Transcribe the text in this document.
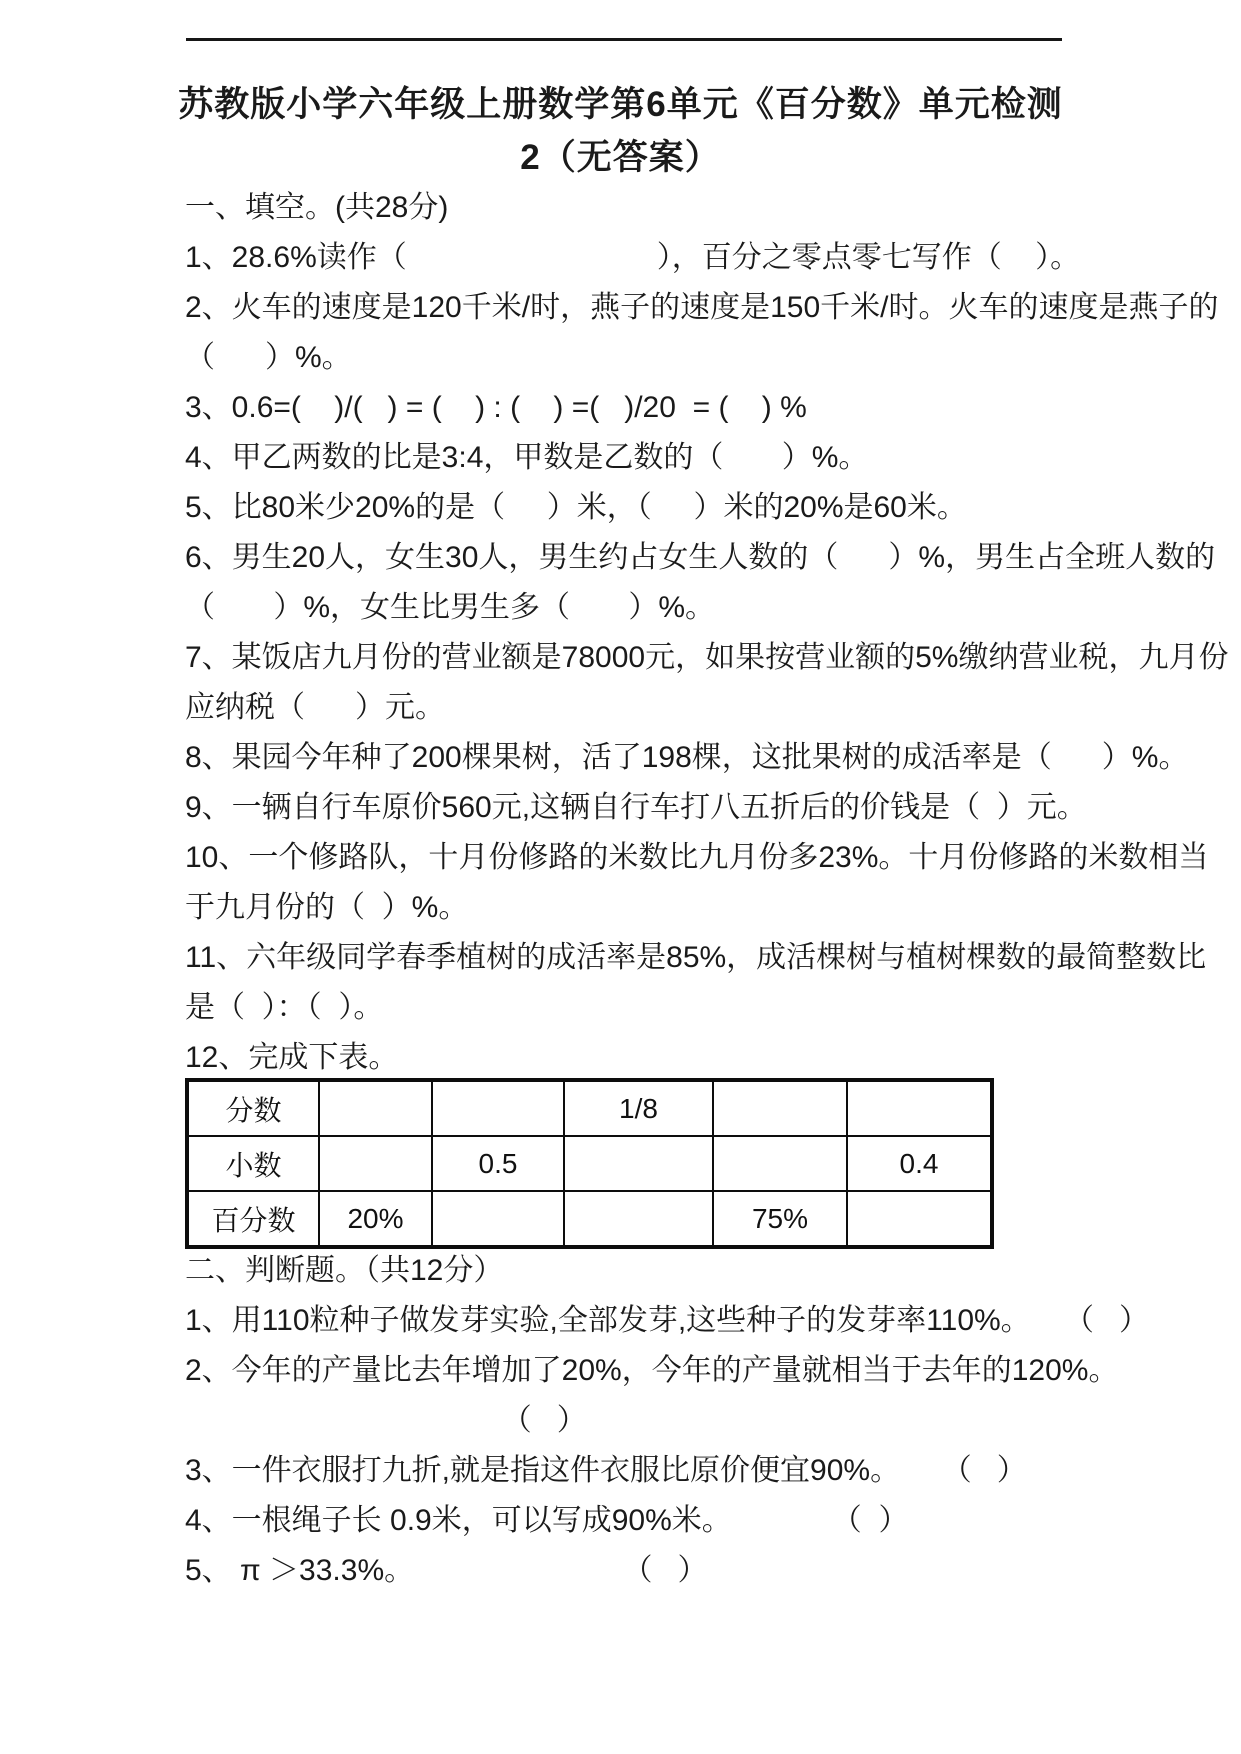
苏教版小学六年级上册数学第6单元《百分数》单元检测
2（无答案）
一、填空。(共28分)
1、28.6%读作（                              ），百分之零点零七写作（    ）。
2、火车的速度是120千米/时，燕子的速度是150千米/时。火车的速度是燕子的
（      ）%。
3、0.6=(    )/(   ) = (    ) : (    ) =(   )/20  = (    ) %
4、甲乙两数的比是3:4，甲数是乙数的（       ）%。
5、比80米少20%的是（     ）米，（     ）米的20%是60米。
6、男生20人，女生30人，男生约占女生人数的（      ）%，男生占全班人数的
（       ）%，女生比男生多（       ）%。
7、某饭店九月份的营业额是78000元，如果按营业额的5%缴纳营业税，九月份
应纳税（      ）元。
8、果园今年种了200棵果树，活了198棵，这批果树的成活率是（      ）%。
9、一辆自行车原价560元,这辆自行车打八五折后的价钱是（  ）元。
10、一个修路队，十月份修路的米数比九月份多23%。十月份修路的米数相当
于九月份的（  ）%。
11、六年级同学春季植树的成活率是85%，成活棵树与植树棵数的最简整数比
是（  ）：（  ）。
12、完成下表。
分数			1/8		
小数		0.5			0.4
百分数	20%			75%	
二、判断题。（共12分）
1、用110粒种子做发芽实验,全部发芽,这些种子的发芽率110%。    （   ）
2、今年的产量比去年增加了20%，今年的产量就相当于去年的120%。
（   ）
3、一件衣服打九折,就是指这件衣服比原价便宜90%。     （   ）
4、一根绳子长 0.9米，可以写成90%米。            （  ）
5、 π ＞33.3%。                         （   ）
